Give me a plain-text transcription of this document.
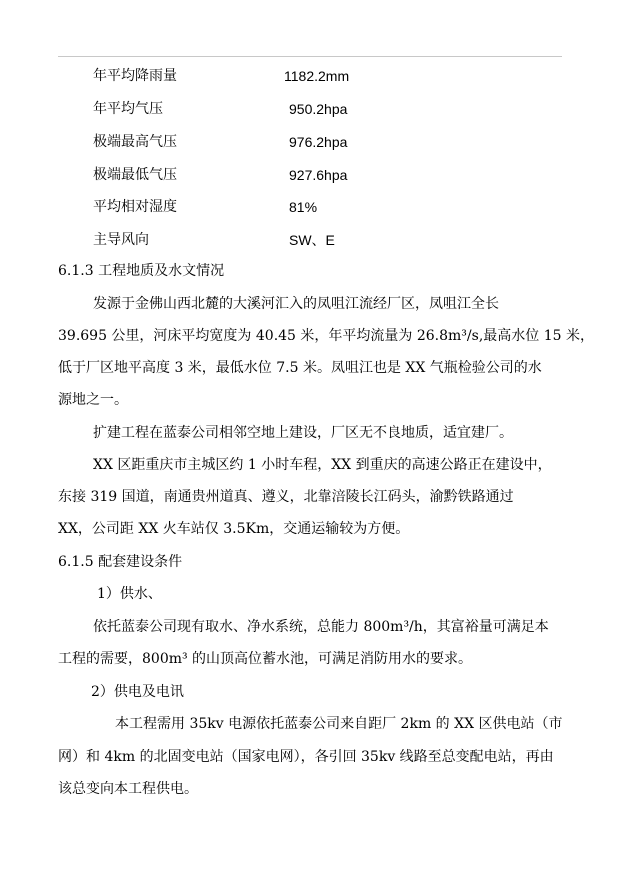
年平均降雨量	1182.2mm
年平均气压	950.2hpa
极端最高气压	976.2hpa
极端最低气压	927.6hpa
平均相对湿度	81%
主导风向	SW、E
6.1.3 工程地质及水文情况
发源于金佛山西北麓的大溪河汇入的凤咀江流经厂区，凤咀江全长
39.695 公里，河床平均宽度为 40.45 米，年平均流量为 26.8m³/s,最高水位 15 米，
低于厂区地平高度 3 米，最低水位 7.5 米。凤咀江也是 XX 气瓶检验公司的水
源地之一。
扩建工程在蓝泰公司相邻空地上建设，厂区无不良地质，适宜建厂。
XX 区距重庆市主城区约 1 小时车程，XX 到重庆的高速公路正在建设中，
东接 319 国道，南通贵州道真、遵义，北靠涪陵长江码头，渝黔铁路通过
XX，公司距 XX 火车站仅 3.5Km，交通运输较为方便。
6.1.5 配套建设条件
1）供水、
依托蓝泰公司现有取水、净水系统，总能力 800m³/h，其富裕量可满足本
工程的需要，800m³ 的山顶高位蓄水池，可满足消防用水的要求。
2）供电及电讯
本工程需用 35kv 电源依托蓝泰公司来自距厂 2km 的 XX 区供电站（市
网）和 4km 的北固变电站（国家电网），各引回 35kv 线路至总变配电站，再由
该总变向本工程供电。
